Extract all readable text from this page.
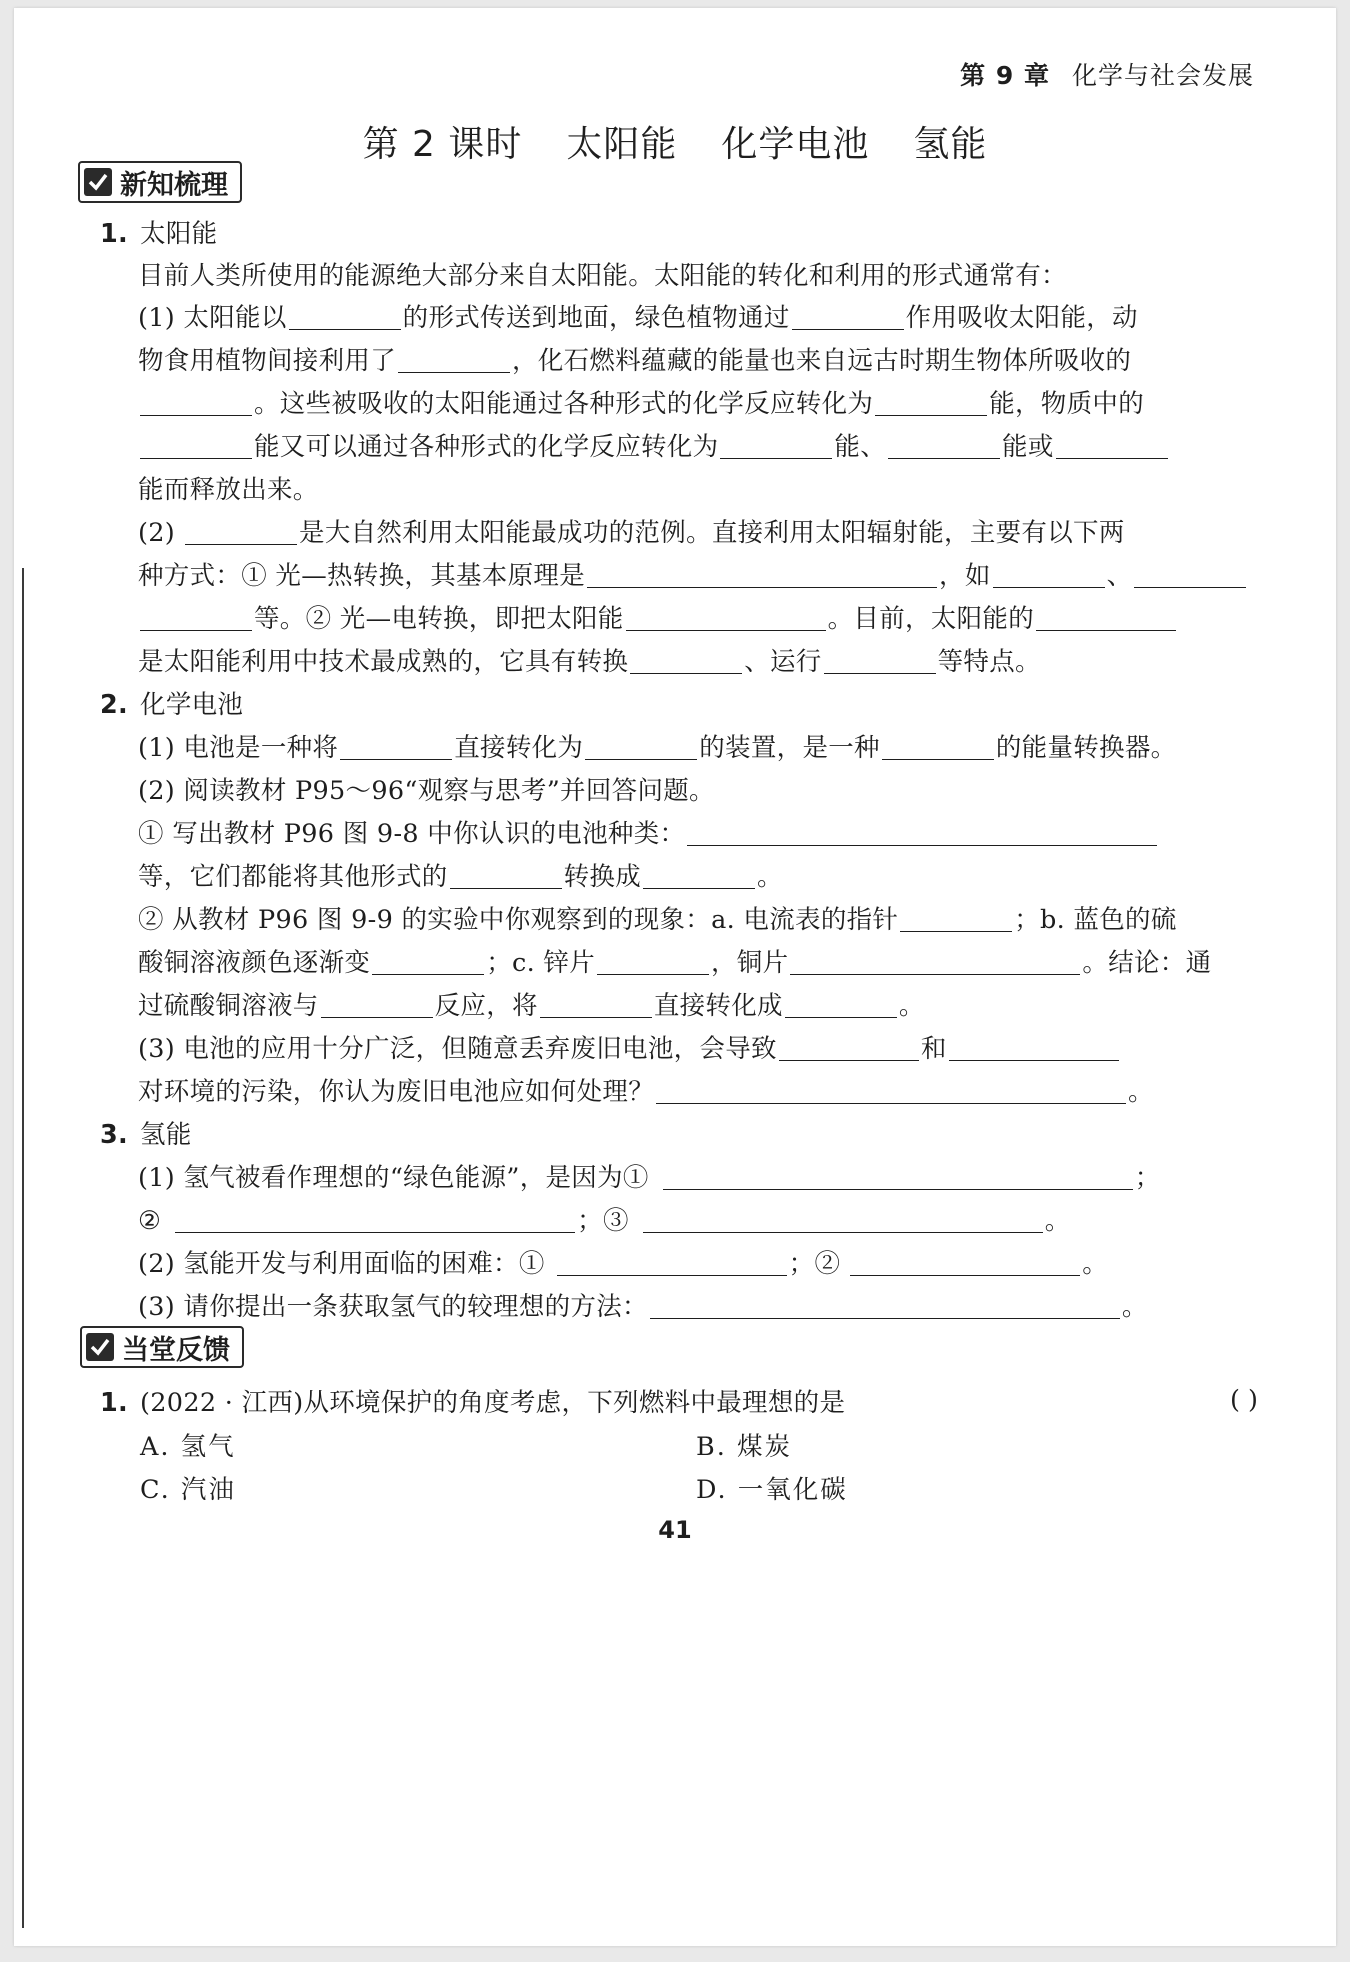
第 9 章 化学与社会发展
第 2 课时 太阳能 化学电池 氢能
新知梳理
1. 太阳能
目前人类所使用的能源绝大部分来自太阳能。太阳能的转化和利用的形式通常有：
(1) 太阳能以	的形式传送到地面，绿色植物通过	作用吸收太阳能，动
物食用植物间接利用了	，化石燃料蕴藏的能量也来自远古时期生物体所吸收的
。这些被吸收的太阳能通过各种形式的化学反应转化为	能，物质中的
能又可以通过各种形式的化学反应转化为	能、	能或
能而释放出来。
(2)	是大自然利用太阳能最成功的范例。直接利用太阳辐射能，主要有以下两
种方式：① 光—热转换，其基本原理是	，如	、
等。② 光—电转换，即把太阳能	。目前，太阳能的
是太阳能利用中技术最成熟的，它具有转换	、运行	等特点。
2. 化学电池
(1) 电池是一种将	直接转化为	的装置，是一种	的能量转换器。
(2) 阅读教材 P95～96“观察与思考”并回答问题。
① 写出教材 P96 图 9-8 中你认识的电池种类：
等，它们都能将其他形式的	转换成	。
② 从教材 P96 图 9-9 的实验中你观察到的现象：a. 电流表的指针	；b. 蓝色的硫
酸铜溶液颜色逐渐变	；c. 锌片	，铜片	。结论：通
过硫酸铜溶液与	反应，将	直接转化成	。
(3) 电池的应用十分广泛，但随意丢弃废旧电池，会导致	和
对环境的污染，你认为废旧电池应如何处理？	。
3. 氢能
(1) 氢气被看作理想的“绿色能源”，是因为①	；
②	；③	。
(2) 氢能开发与利用面临的困难：①	；②	。
(3) 请你提出一条获取氢气的较理想的方法：	。
当堂反馈
1. (2022 · 江西)从环境保护的角度考虑，下列燃料中最理想的是	( )
A. 氢气	B. 煤炭
C. 汽油	D. 一氧化碳
41
